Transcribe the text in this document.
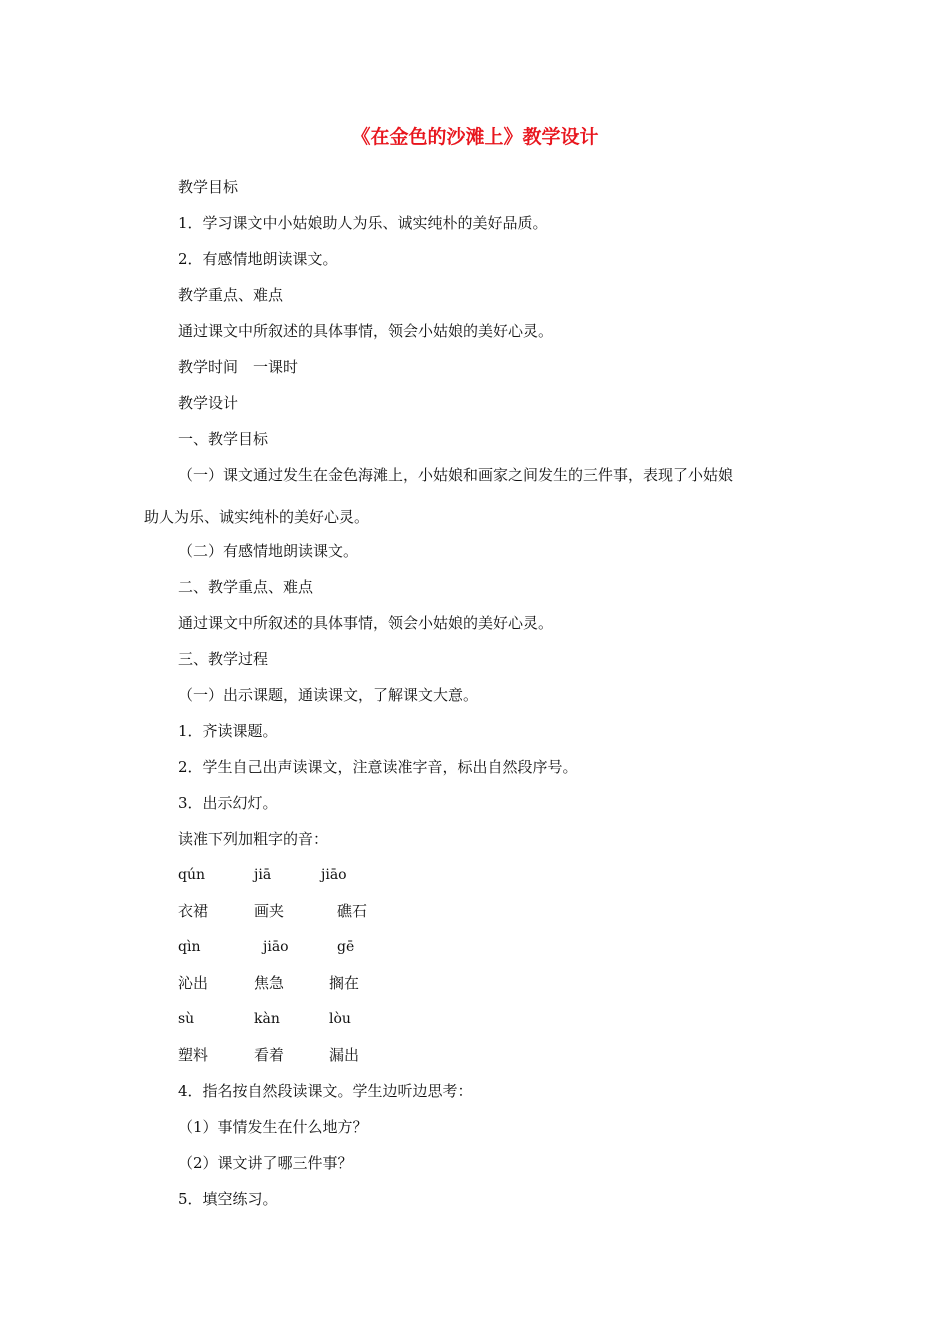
《在金色的沙滩上》教学设计

教学目标

1．学习课文中小姑娘助人为乐、诚实纯朴的美好品质。

2．有感情地朗读课文。

教学重点、难点

通过课文中所叙述的具体事情，领会小姑娘的美好心灵。

教学时间　一课时

教学设计

一、教学目标

（一）课文通过发生在金色海滩上，小姑娘和画家之间发生的三件事，表现了小姑娘

助人为乐、诚实纯朴的美好心灵。

（二）有感情地朗读课文。

二、教学重点、难点

通过课文中所叙述的具体事情，领会小姑娘的美好心灵。

三、教学过程

（一）出示课题，通读课文，了解课文大意。

1．齐读课题。

2．学生自己出声读课文，注意读准字音，标出自然段序号。

3．出示幻灯。

读准下列加粗字的音：

qún	jiā	jiāo
衣裙	画夹	礁石
qìn	jiāo	gē
沁出	焦急	搁在
sù	kàn	lòu
塑料	看着	漏出

4．指名按自然段读课文。学生边听边思考：

（1）事情发生在什么地方？

（2）课文讲了哪三件事？

5．填空练习。
